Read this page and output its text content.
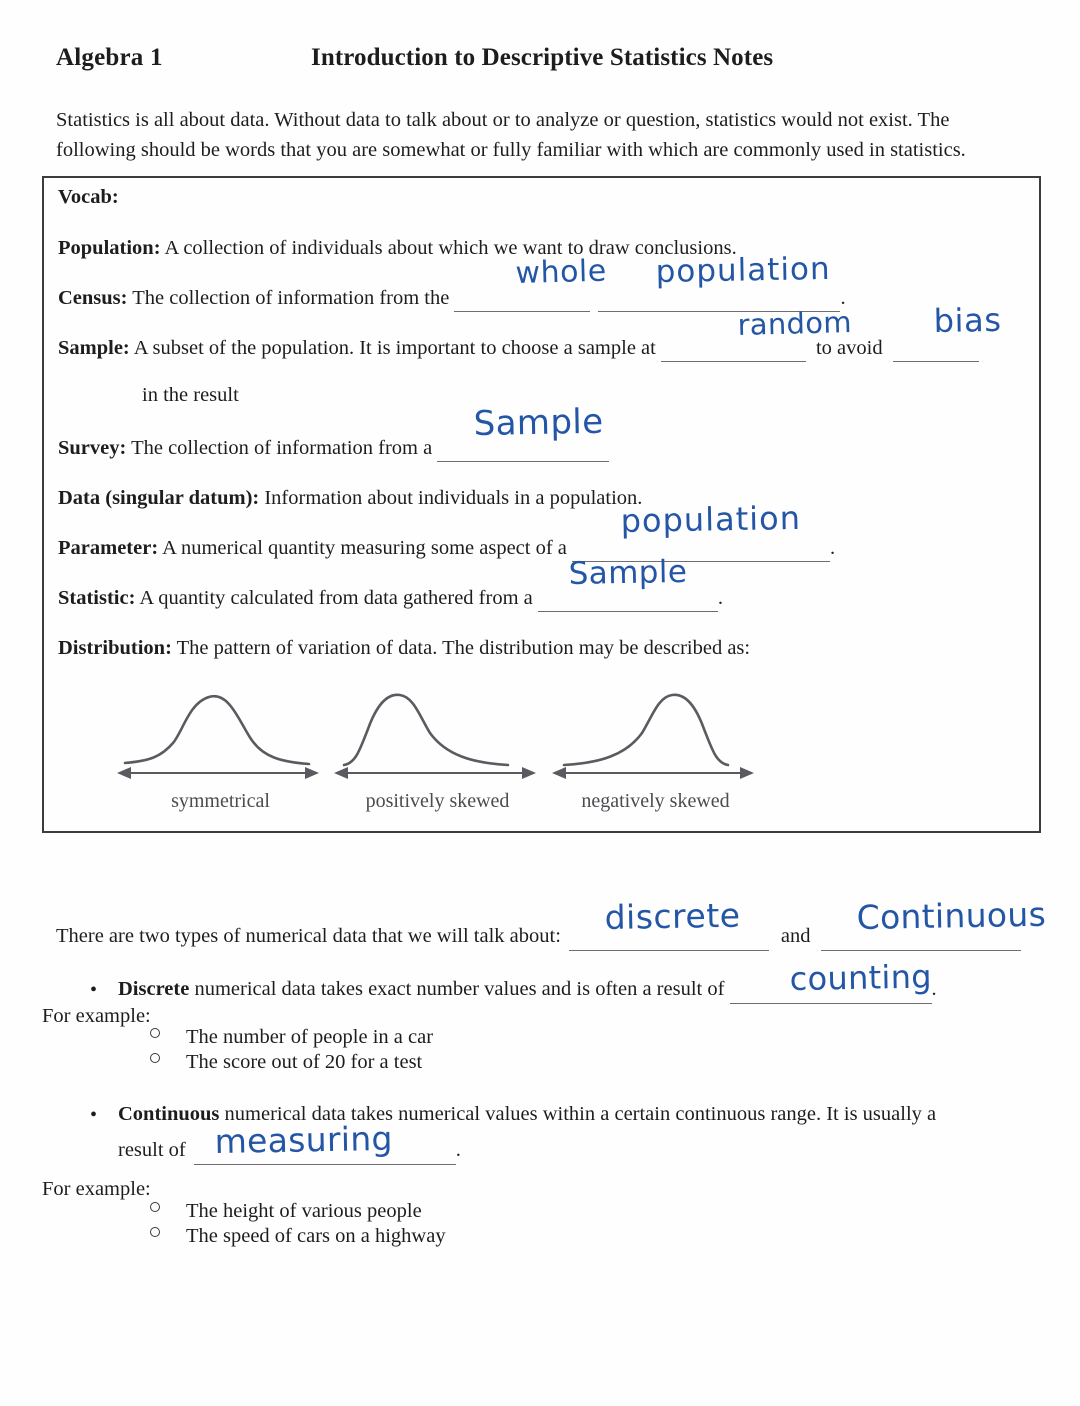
Algebra 1	Introduction to Descriptive Statistics Notes
Statistics is all about data. Without data to talk about or to analyze or question, statistics would not exist. The following should be words that you are somewhat or fully familiar with which are commonly used in statistics.
Vocab:
Population: A collection of individuals about which we want to draw conclusions.
Census: The collection of information from the	.
whole population
Sample: A subset of the population. It is important to choose a sample at	to avoid
random	bias
in the result
Survey: The collection of information from a
Sample
Data (singular datum): Information about individuals in a population.
Parameter: A numerical quantity measuring some aspect of a	.
population
Statistic: A quantity calculated from data gathered from a	.
Sample
Distribution: The pattern of variation of data. The distribution may be described as:
symmetrical	positively skewed	negatively skewed
There are two types of numerical data that we will talk about:	and
discrete	Continuous
• Discrete numerical data takes exact number values and is often a result of	.
counting
For example:
The number of people in a car
The score out of 20 for a test
• Continuous numerical data takes numerical values within a certain continuous range. It is usually a
result of	.
measuring
For example:
The height of various people
The speed of cars on a highway
